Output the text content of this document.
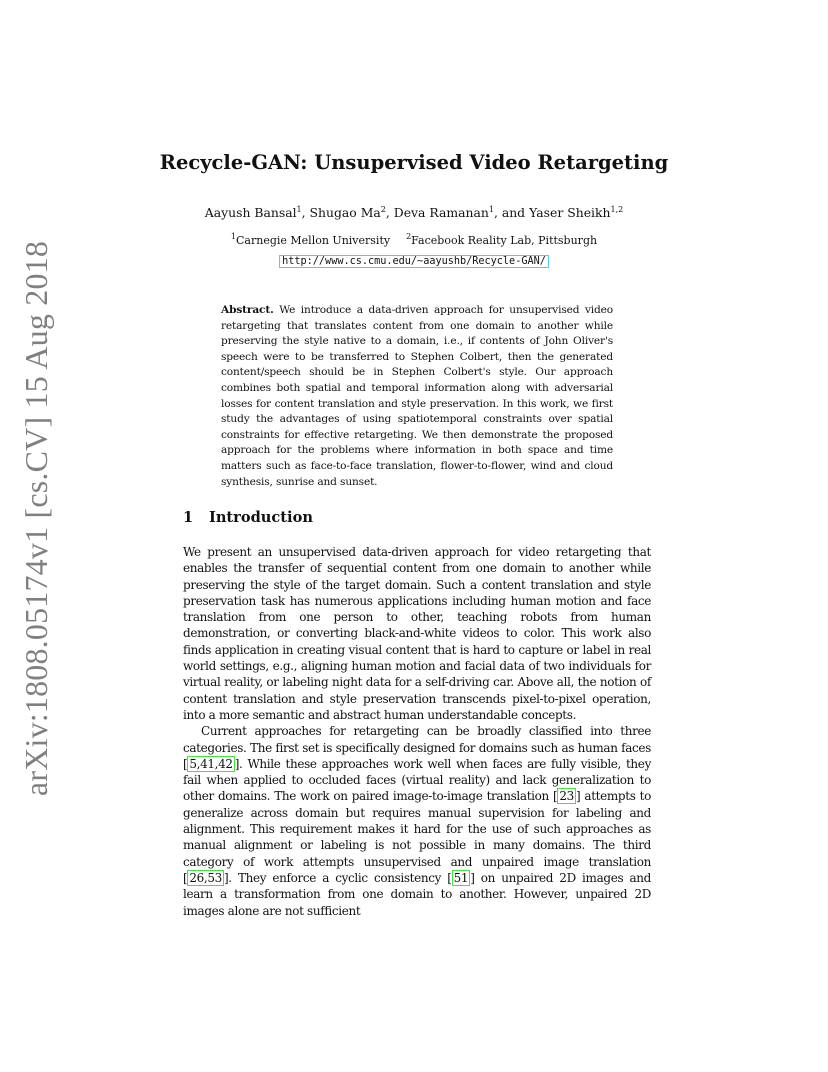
arXiv:1808.05174v1 [cs.CV] 15 Aug 2018
Recycle-GAN: Unsupervised Video Retargeting
Aayush Bansal$^1$, Shugao Ma$^2$, Deva Ramanan$^1$, and Yaser Sheikh$^{1,2}$
$^1$Carnegie Mellon University $^2$Facebook Reality Lab, Pittsburgh
http://www.cs.cmu.edu/~aayushb/Recycle-GAN/
Abstract. We introduce a data-driven approach for unsupervised video retargeting that translates content from one domain to another while preserving the style native to a domain, i.e., if contents of John Oliver's speech were to be transferred to Stephen Colbert, then the generated content/speech should be in Stephen Colbert's style. Our approach combines both spatial and temporal information along with adversarial losses for content translation and style preservation. In this work, we first study the advantages of using spatiotemporal constraints over spatial constraints for effective retargeting. We then demonstrate the proposed approach for the problems where information in both space and time matters such as face-to-face translation, flower-to-flower, wind and cloud synthesis, sunrise and sunset.
1 Introduction

We present an unsupervised data-driven approach for video retargeting that enables the transfer of sequential content from one domain to another while preserving the style of the target domain. Such a content translation and style preservation task has numerous applications including human motion and face translation from one person to other, teaching robots from human demonstration, or converting black-and-white videos to color. This work also finds application in creating visual content that is hard to capture or label in real world settings, e.g., aligning human motion and facial data of two individuals for virtual reality, or labeling night data for a self-driving car. Above all, the notion of content translation and style preservation transcends pixel-to-pixel operation, into a more semantic and abstract human understandable concepts.

Current approaches for retargeting can be broadly classified into three categories. The first set is specifically designed for domains such as human faces [ 5,41,42 ]. While these approaches work well when faces are fully visible, they fail when applied to occluded faces (virtual reality) and lack generalization to other domains. The work on paired image-to-image translation [ 23 ] attempts to generalize across domain but requires manual supervision for labeling and alignment. This requirement makes it hard for the use of such approaches as manual alignment or labeling is not possible in many domains. The third category of work attempts unsupervised and unpaired image translation [ 26,53 ]. They enforce a cyclic consistency [ 51 ] on unpaired 2D images and learn a transformation from one domain to another. However, unpaired 2D images alone are not sufficient
